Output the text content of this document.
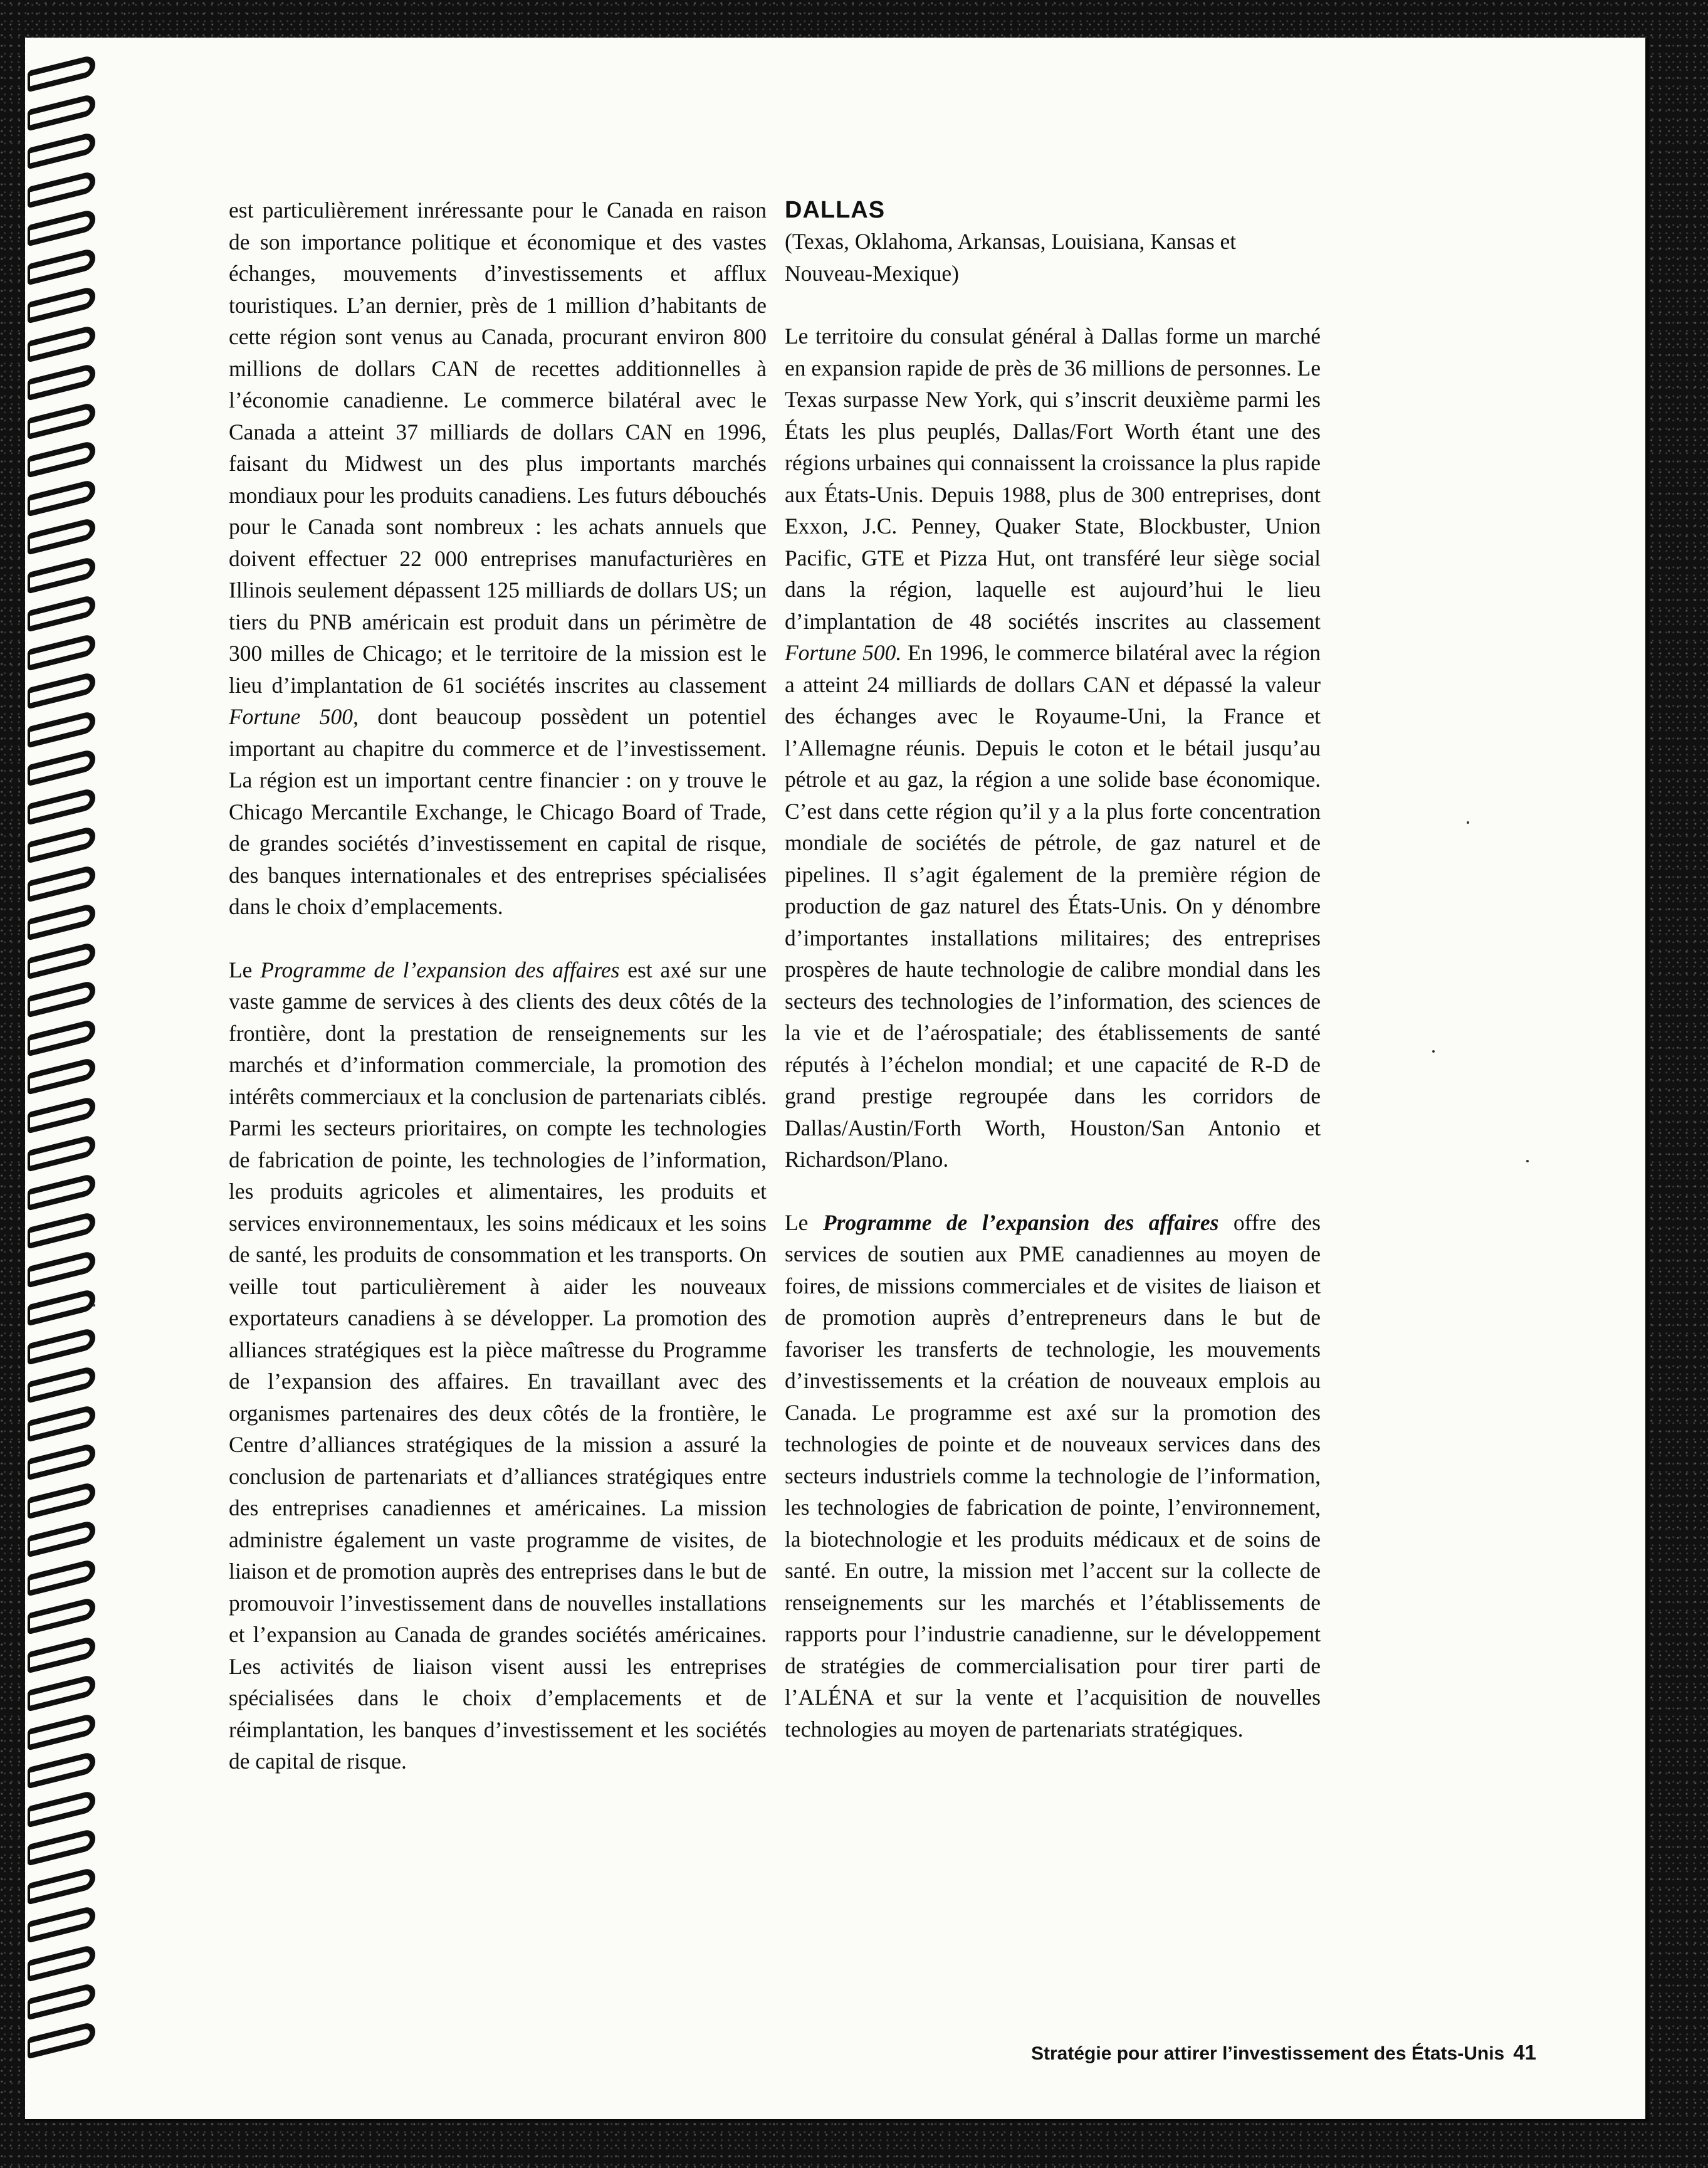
est particulièrement inréressante pour le Canada en raison de son importance politique et économique et des vastes échanges, mouvements d’investissements et afflux touristiques. L’an dernier, près de 1 million d’habitants de cette région sont venus au Canada, procurant environ 800 millions de dollars CAN de recettes additionnelles à l’économie canadienne. Le commerce bilatéral avec le Canada a atteint 37 milliards de dollars CAN en 1996, faisant du Midwest un des plus importants marchés mondiaux pour les produits canadiens. Les futurs débouchés pour le Canada sont nombreux : les achats annuels que doivent effectuer 22 000 entreprises manufacturières en Illinois seulement dépassent 125 milliards de dollars US; un tiers du PNB américain est produit dans un périmètre de 300 milles de Chicago; et le territoire de la mission est le lieu d’implantation de 61 sociétés inscrites au classement Fortune 500, dont beaucoup possèdent un potentiel important au chapitre du commerce et de l’investissement. La région est un important centre financier : on y trouve le Chicago Mercantile Exchange, le Chicago Board of Trade, de grandes sociétés d’investissement en capital de risque, des banques internationales et des entreprises spécialisées dans le choix d’emplacements.

Le Programme de l’expansion des affaires est axé sur une vaste gamme de services à des clients des deux côtés de la frontière, dont la prestation de renseignements sur les marchés et d’information commerciale, la promotion des intérêts commerciaux et la conclusion de partenariats ciblés. Parmi les secteurs prioritaires, on compte les technologies de fabrication de pointe, les technologies de l’information, les produits agricoles et alimentaires, les produits et services environnementaux, les soins médicaux et les soins de santé, les produits de consommation et les transports. On veille tout particulièrement à aider les nouveaux exportateurs canadiens à se développer. La promotion des alliances stratégiques est la pièce maîtresse du Programme de l’expansion des affaires. En travaillant avec des organismes partenaires des deux côtés de la frontière, le Centre d’alliances stratégiques de la mission a assuré la conclusion de partenariats et d’alliances stratégiques entre des entreprises canadiennes et américaines. La mission administre également un vaste programme de visites, de liaison et de promotion auprès des entreprises dans le but de promouvoir l’investissement dans de nouvelles installations et l’expansion au Canada de grandes sociétés américaines. Les activités de liaison visent aussi les entreprises spécialisées dans le choix d’emplacements et de réimplantation, les banques d’investissement et les sociétés de capital de risque.

DALLAS

(Texas, Oklahoma, Arkansas, Louisiana, Kansas et Nouveau-Mexique)

Le territoire du consulat général à Dallas forme un marché en expansion rapide de près de 36 millions de personnes. Le Texas surpasse New York, qui s’inscrit deuxième parmi les États les plus peuplés, Dallas/Fort Worth étant une des régions urbaines qui connaissent la croissance la plus rapide aux États-Unis. Depuis 1988, plus de 300 entreprises, dont Exxon, J.C. Penney, Quaker State, Blockbuster, Union Pacific, GTE et Pizza Hut, ont transféré leur siège social dans la région, laquelle est aujourd’hui le lieu d’implantation de 48 sociétés inscrites au classement Fortune 500. En 1996, le commerce bilatéral avec la région a atteint 24 milliards de dollars CAN et dépassé la valeur des échanges avec le Royaume-Uni, la France et l’Allemagne réunis. Depuis le coton et le bétail jusqu’au pétrole et au gaz, la région a une solide base économique. C’est dans cette région qu’il y a la plus forte concentration mondiale de sociétés de pétrole, de gaz naturel et de pipelines. Il s’agit également de la première région de production de gaz naturel des États-Unis. On y dénombre d’importantes installations militaires; des entreprises prospères de haute technologie de calibre mondial dans les secteurs des technologies de l’information, des sciences de la vie et de l’aérospatiale; des établissements de santé réputés à l’échelon mondial; et une capacité de R-D de grand prestige regroupée dans les corridors de Dallas/Austin/Forth Worth, Houston/San Antonio et Richardson/Plano.

Le Programme de l’expansion des affaires offre des services de soutien aux PME canadiennes au moyen de foires, de missions commerciales et de visites de liaison et de promotion auprès d’entrepreneurs dans le but de favoriser les transferts de technologie, les mouvements d’investissements et la création de nouveaux emplois au Canada. Le programme est axé sur la promotion des technologies de pointe et de nouveaux services dans des secteurs industriels comme la technologie de l’information, les technologies de fabrication de pointe, l’environnement, la biotechnologie et les produits médicaux et de soins de santé. En outre, la mission met l’accent sur la collecte de renseignements sur les marchés et l’établissements de rapports pour l’industrie canadienne, sur le développement de stratégies de commercialisation pour tirer parti de l’ALÉNA et sur la vente et l’acquisition de nouvelles technologies au moyen de partenariats stratégiques.

Stratégie pour attirer l’investissement des États-Unis 41
